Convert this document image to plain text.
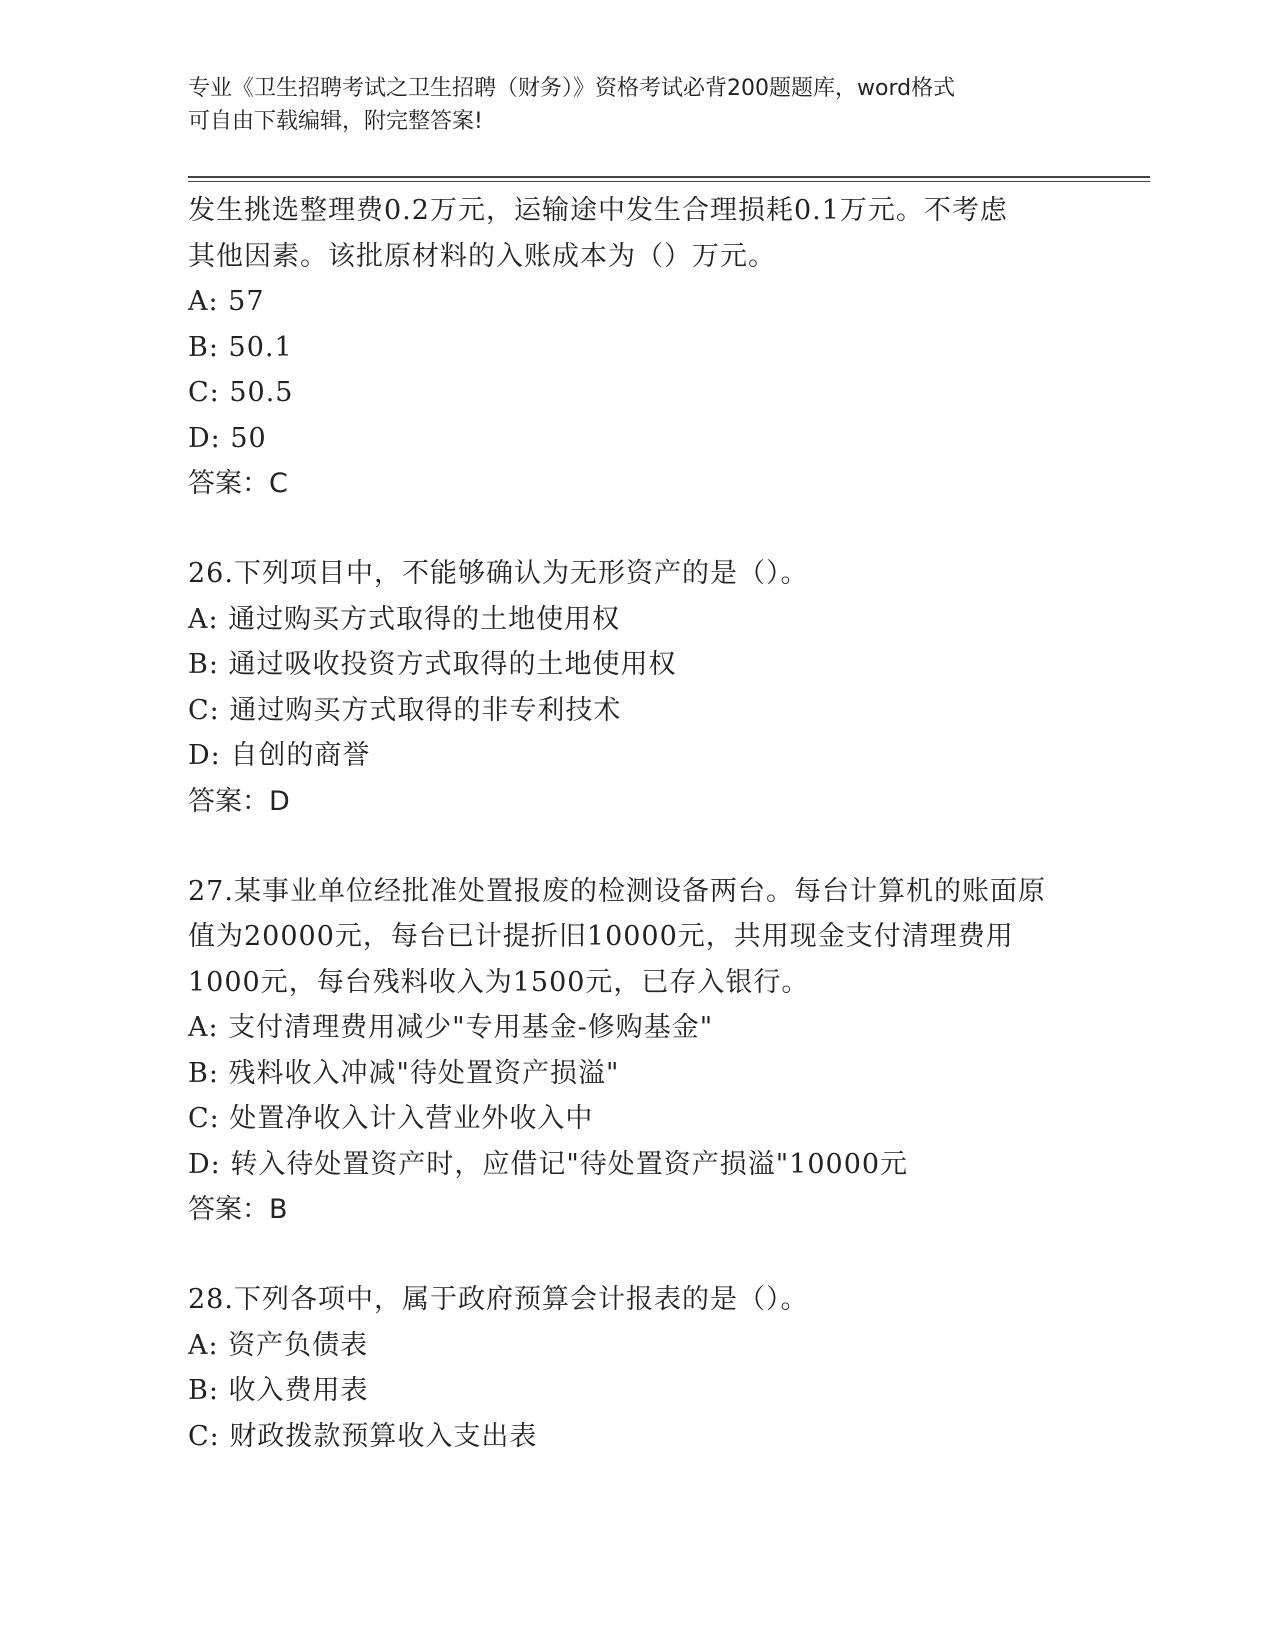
专业《卫生招聘考试之卫生招聘（财务）》资格考试必背200题题库，word格式
可自由下载编辑，附完整答案!
发生挑选整理费0.2万元，运输途中发生合理损耗0.1万元。不考虑
其他因素。该批原材料的入账成本为（）万元。
A: 57
B: 50.1
C: 50.5
D: 50
答案：C
26.下列项目中，不能够确认为无形资产的是（）。
A: 通过购买方式取得的土地使用权
B: 通过吸收投资方式取得的土地使用权
C: 通过购买方式取得的非专利技术
D: 自创的商誉
答案：D
27.某事业单位经批准处置报废的检测设备两台。每台计算机的账面原
值为20000元，每台已计提折旧10000元，共用现金支付清理费用
1000元，每台残料收入为1500元，已存入银行。
A: 支付清理费用减少"专用基金-修购基金"
B: 残料收入冲减"待处置资产损溢"
C: 处置净收入计入营业外收入中
D: 转入待处置资产时，应借记"待处置资产损溢"10000元
答案：B
28.下列各项中，属于政府预算会计报表的是（）。
A: 资产负债表
B: 收入费用表
C: 财政拨款预算收入支出表
